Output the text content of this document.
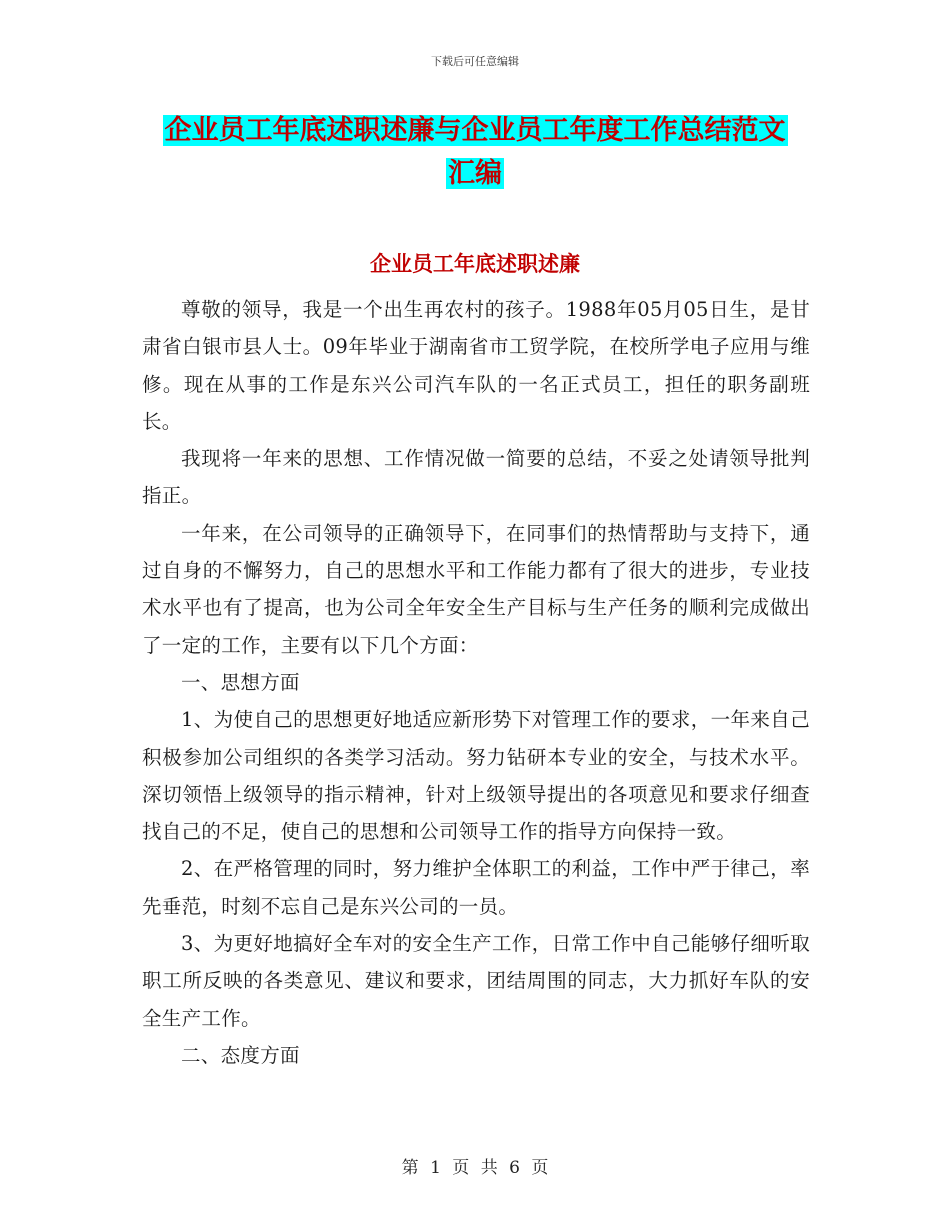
下载后可任意编辑
企业员工年底述职述廉与企业员工年度工作总结范文
汇编
企业员工年底述职述廉

尊敬的领导，我是一个出生再农村的孩子。1988年05月05日生，是甘肃省白银市县人士。09年毕业于湖南省市工贸学院，在校所学电子应用与维修。现在从事的工作是东兴公司汽车队的一名正式员工，担任的职务副班长。

我现将一年来的思想、工作情况做一简要的总结，不妥之处请领导批判指正。

一年来，在公司领导的正确领导下，在同事们的热情帮助与支持下，通过自身的不懈努力，自己的思想水平和工作能力都有了很大的进步，专业技术水平也有了提高，也为公司全年安全生产目标与生产任务的顺利完成做出了一定的工作，主要有以下几个方面：

一、思想方面

1、为使自己的思想更好地适应新形势下对管理工作的要求，一年来自己积极参加公司组织的各类学习活动。努力钻研本专业的安全，与技术水平。深切领悟上级领导的指示精神，针对上级领导提出的各项意见和要求仔细查找自己的不足，使自己的思想和公司领导工作的指导方向保持一致。

2、在严格管理的同时，努力维护全体职工的利益，工作中严于律己，率先垂范，时刻不忘自己是东兴公司的一员。

3、为更好地搞好全车对的安全生产工作，日常工作中自己能够仔细听取职工所反映的各类意见、建议和要求，团结周围的同志，大力抓好车队的安全生产工作。

二、态度方面

第 1 页 共 6 页
